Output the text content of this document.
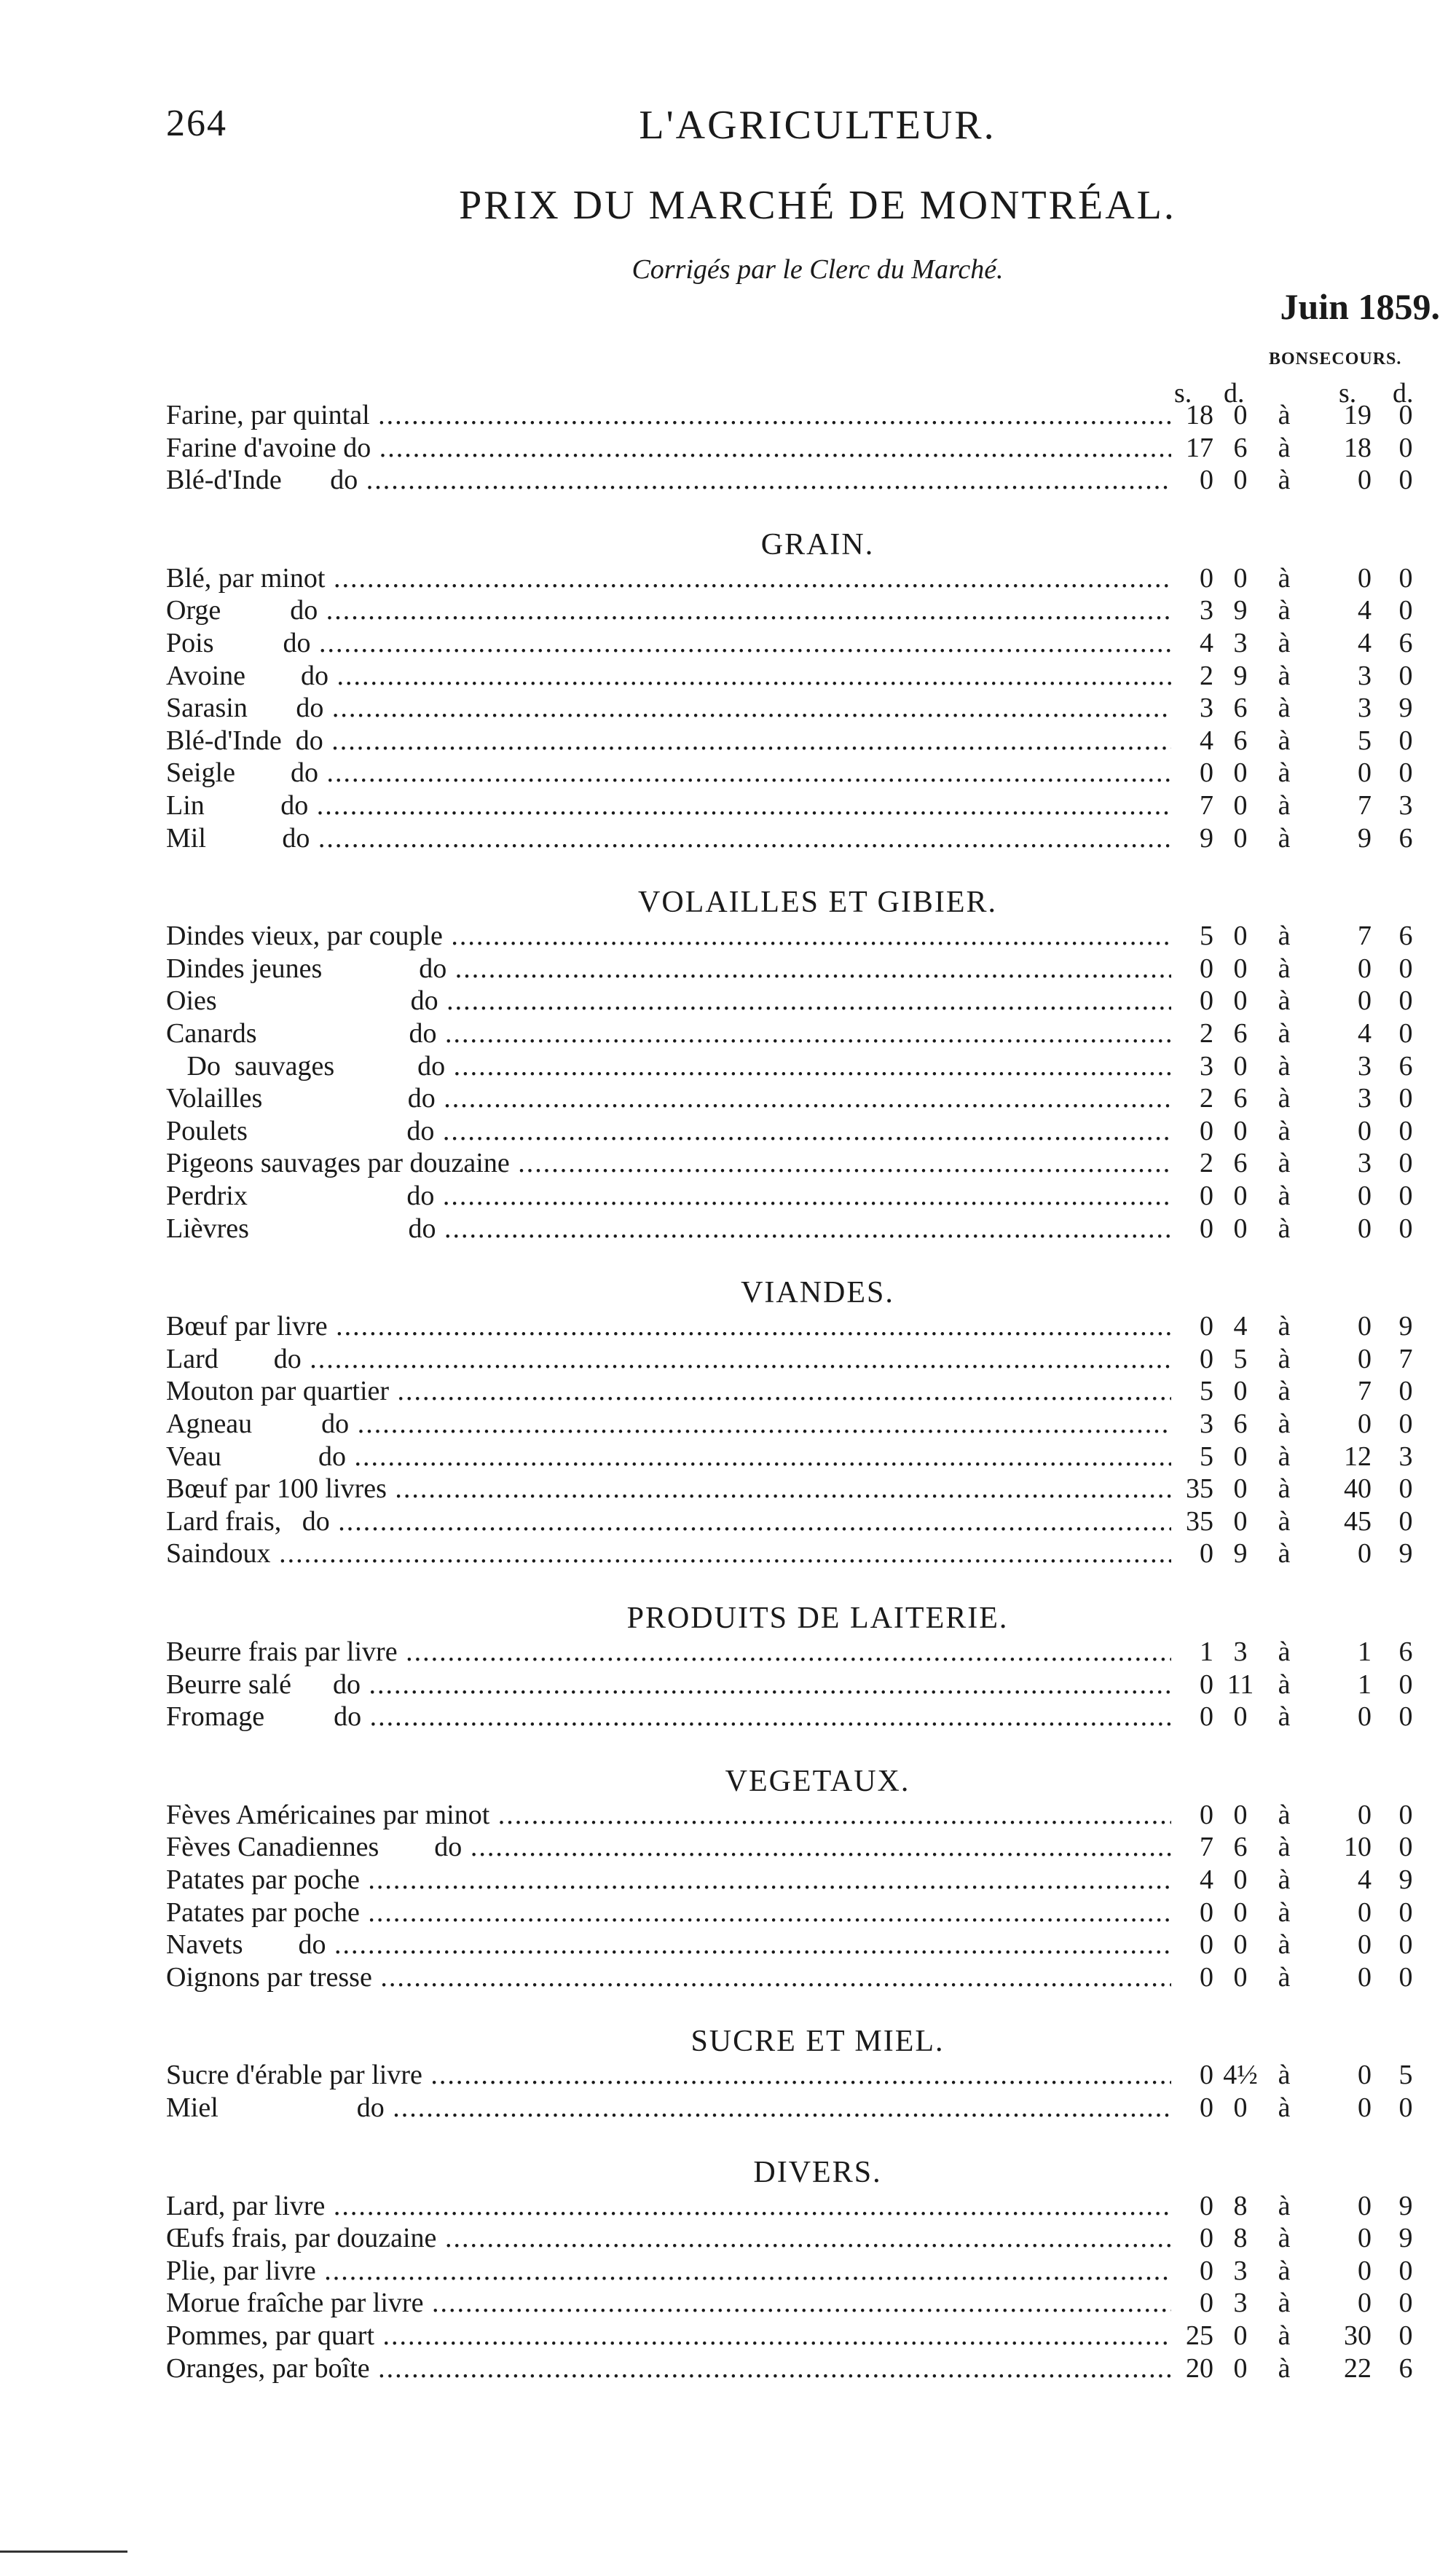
264	L'AGRICULTEUR.
PRIX DU MARCHÉ DE MONTRÉAL.
Corrigés par le Clerc du Marché.
Juin 1859.
BONSECOURS.
s. d.	s. d.
Farine, par quintal .....	18 0	à	19 0
Farine d'avoine do .....	17 6	à	18 0
Blé-d'Inde       do .....	0 0	à	0 0
GRAIN.
Blé, par minot .....	0 0	à	0 0
Orge          do .....	3 9	à	4 0
Pois          do .....	4 3	à	4 6
Avoine        do .....	2 9	à	3 0
Sarasin       do .....	3 6	à	3 9
Blé-d'Inde  do .....	4 6	à	5 0
Seigle        do .....	0 0	à	0 0
Lin           do .....	7 0	à	7 3
Mil           do .....	9 0	à	9 6
VOLAILLES ET GIBIER.
Dindes vieux, par couple .....	5 0	à	7 6
Dindes jeunes              do .....	0 0	à	0 0
Oies                            do .....	0 0	à	0 0
Canards                      do .....	2 6	à	4 0
Do  sauvages            do .....	3 0	à	3 6
Volailles                     do .....	2 6	à	3 0
Poulets                       do .....	0 0	à	0 0
Pigeons sauvages par douzaine .....	2 6	à	3 0
Perdrix                       do .....	0 0	à	0 0
Lièvres                       do .....	0 0	à	0 0
VIANDES.
Bœuf par livre .....	0 4	à	0 9
Lard        do .....	0 5	à	0 7
Mouton par quartier .....	5 0	à	7 0
Agneau          do .....	3 6	à	0 0
Veau              do .....	5 0	à	12 3
Bœuf par 100 livres .....	35 0	à	40 0
Lard frais,   do .....	35 0	à	45 0
Saindoux .....	0 9	à	0 9
PRODUITS DE LAITERIE.
Beurre frais par livre .....	1 3	à	1 6
Beurre salé      do .....	0 11 à	1 0
Fromage          do .....	0 0	à	0 0
VEGETAUX.
Fèves Américaines par minot .....	0 0	à	0 0
Fèves Canadiennes        do .....	7 6	à	10 0
Patates par poche .....	4 0	à	4 9
Patates par poche .....	0 0	à	0 0
Navets        do .....	0 0	à	0 0
Oignons par tresse .....	0 0	à	0 0
SUCRE ET MIEL.
Sucre d'érable par livre .....	0 4½ à	0 5
Miel                    do .....	0 0	à	0 0
DIVERS.
Lard, par livre .....	0 8	à	0 9
Œufs frais, par douzaine .....	0 8	à	0 9
Plie, par livre .....	0 3	à	0 0
Morue fraîche par livre .....	0 3	à	0 0
Pommes, par quart .....	25 0	à	30 0
Oranges, par boîte .....	20 0	à	22 6
